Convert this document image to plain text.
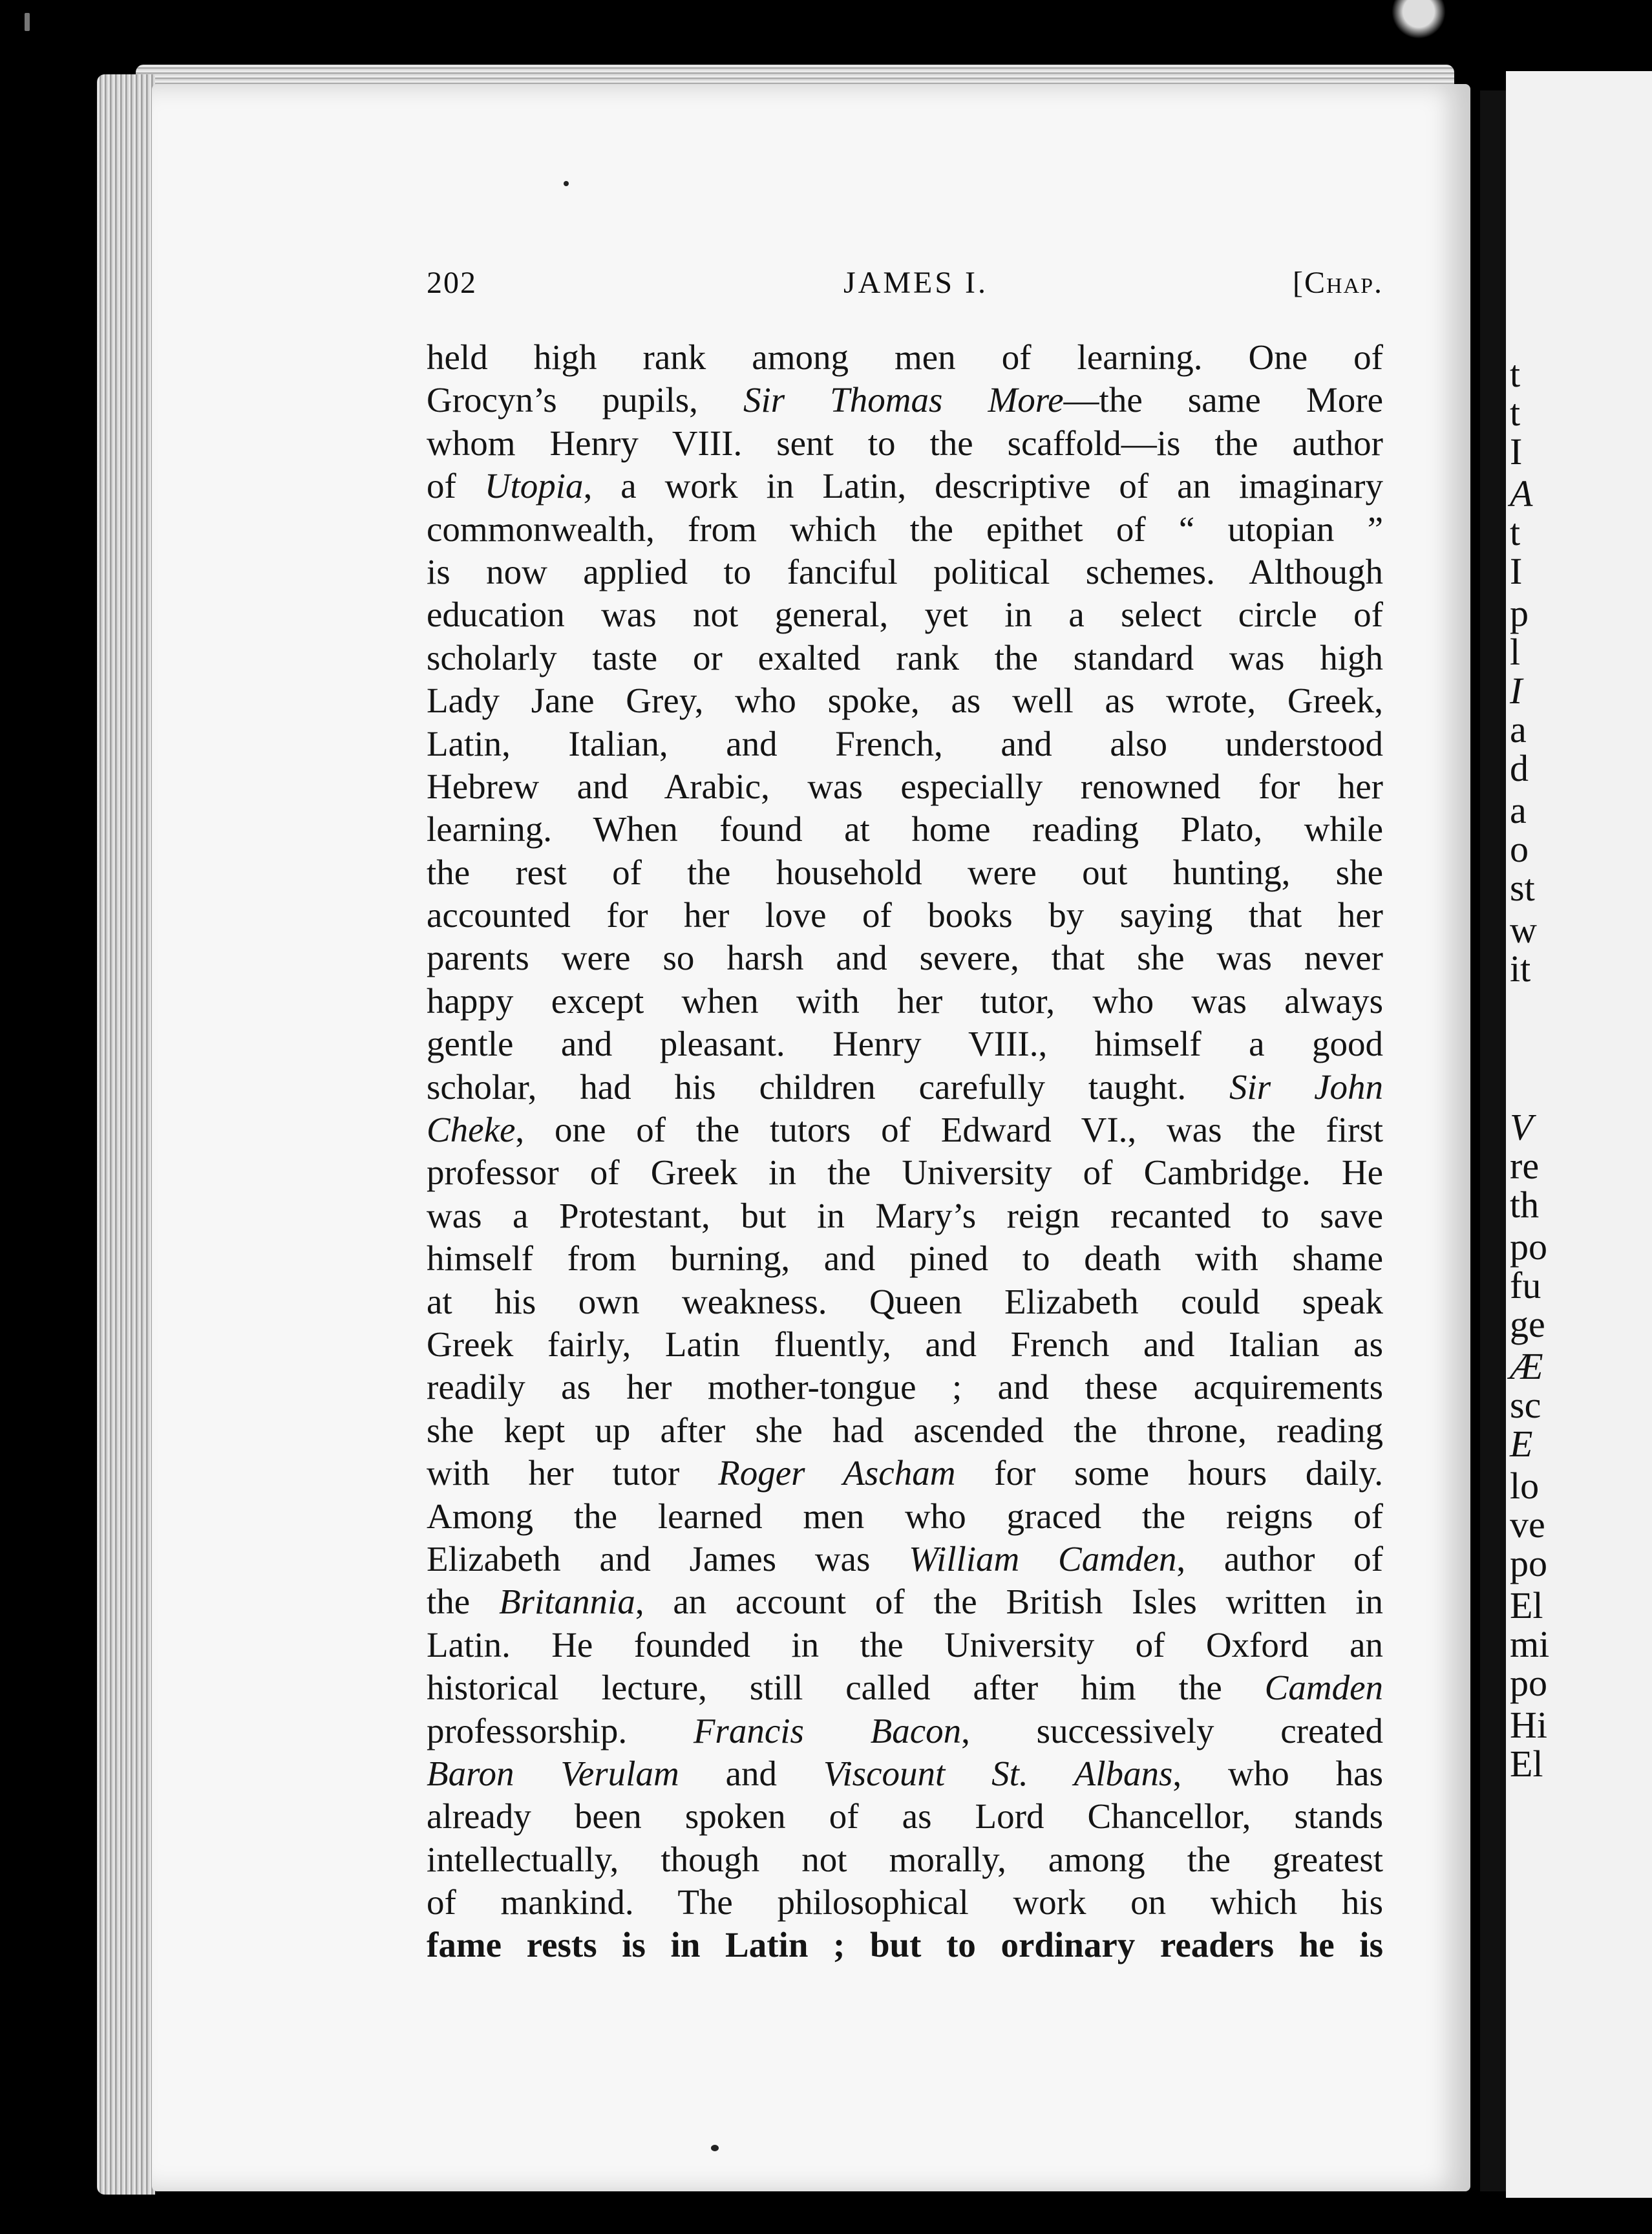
202	JAMES I.	[Chap.
held high rank among men of learning. One of
Grocyn’s pupils, Sir Thomas More—the same More
whom Henry VIII. sent to the scaffold—is the author
of Utopia, a work in Latin, descriptive of an imaginary
commonwealth, from which the epithet of “ utopian ”
is now applied to fanciful political schemes. Although
education was not general, yet in a select circle of
scholarly taste or exalted rank the standard was high
Lady Jane Grey, who spoke, as well as wrote, Greek,
Latin, Italian, and French, and also understood
Hebrew and Arabic, was especially renowned for her
learning. When found at home reading Plato, while
the rest of the household were out hunting, she
accounted for her love of books by saying that her
parents were so harsh and severe, that she was never
happy except when with her tutor, who was always
gentle and pleasant. Henry VIII., himself a good
scholar, had his children carefully taught. Sir John
Cheke, one of the tutors of Edward VI., was the first
professor of Greek in the University of Cambridge. He
was a Protestant, but in Mary’s reign recanted to save
himself from burning, and pined to death with shame
at his own weakness. Queen Elizabeth could speak
Greek fairly, Latin fluently, and French and Italian as
readily as her mother-tongue ; and these acquirements
she kept up after she had ascended the throne, reading
with her tutor Roger Ascham for some hours daily.
Among the learned men who graced the reigns of
Elizabeth and James was William Camden, author of
the Britannia, an account of the British Isles written in
Latin. He founded in the University of Oxford an
historical lecture, still called after him the Camden
professorship. Francis Bacon, successively created
Baron Verulam and Viscount St. Albans, who has
already been spoken of as Lord Chancellor, stands
intellectually, though not morally, among the greatest
of mankind. The philosophical work on which his
fame rests is in Latin ; but to ordinary readers he is
t
t
I
A
t
I
p
l
I
a
d
a
o
st
w
it
V
re
th
po
fu
ge
Æ
sc
E
lo
ve
po
El
mi
po
Hi
El
